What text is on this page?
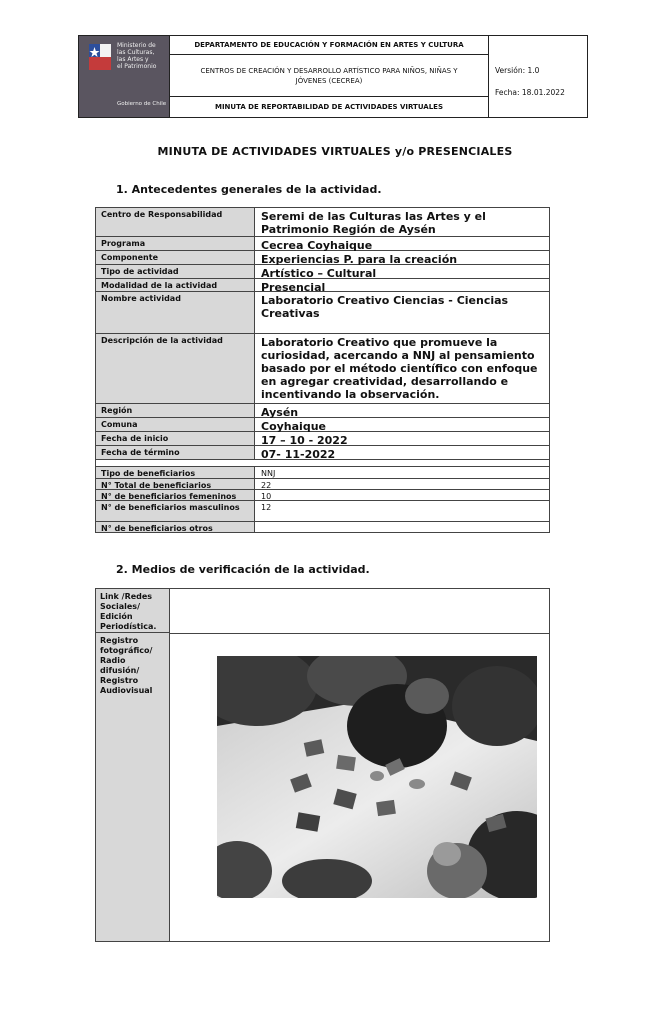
Ministerio de
las Culturas,
las Artes y
el Patrimonio
Gobierno de Chile
DEPARTAMENTO DE EDUCACIÓN Y FORMACIÓN EN ARTES Y CULTURA
CENTROS DE CREACIÓN Y DESARROLLO ARTÍSTICO PARA NIÑOS, NIÑAS Y JÓVENES (CECREA)
MINUTA DE REPORTABILIDAD DE ACTIVIDADES VIRTUALES
Versión: 1.0
Fecha: 18.01.2022
MINUTA DE ACTIVIDADES VIRTUALES y/o PRESENCIALES
1. Antecedentes generales de la actividad.
Centro de Responsabilidad	Seremi de las Culturas las Artes y el Patrimonio Región de Aysén
Programa	Cecrea Coyhaique
Componente	Experiencias P. para la creación
Tipo de actividad	Artístico – Cultural
Modalidad de la actividad	Presencial
Nombre actividad	Laboratorio Creativo Ciencias - Ciencias Creativas
Descripción de la actividad	Laboratorio Creativo que promueve la curiosidad, acercando a NNJ al pensamiento basado por el método científico con enfoque en agregar creatividad, desarrollando e incentivando la observación.
Región	Aysén
Comuna	Coyhaique
Fecha de inicio	17 – 10 - 2022
Fecha de término	07- 11-2022
Tipo de beneficiarios	NNJ
N° Total de beneficiarios	22
N° de beneficiarios femeninos	10
N° de beneficiarios masculinos	12
N° de beneficiarios otros
2. Medios de verificación de la actividad.
Link /Redes Sociales/ Edición Periodística.
Registro fotográfico/ Radio difusión/ Registro Audiovisual
